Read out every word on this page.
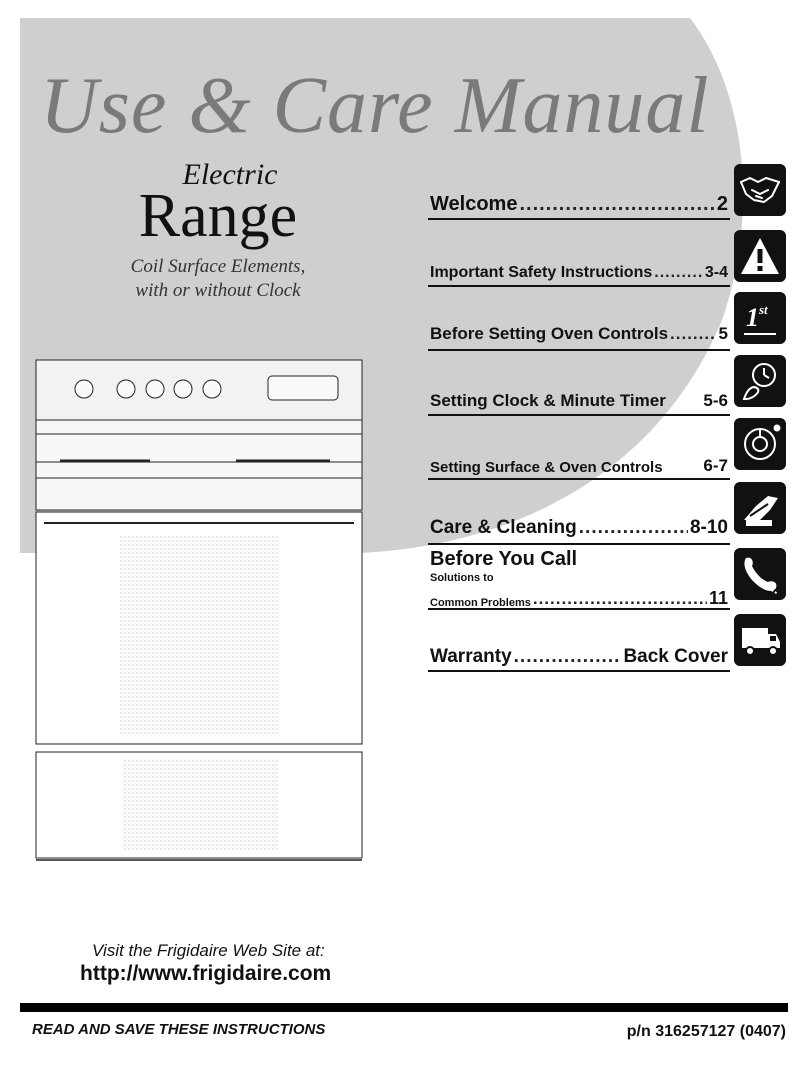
Use & Care Manual
Electric
Range
Coil Surface Elements,
with or without Clock
Welcome .....	2
Important Safety Instructions .....	3-4
Before Setting Oven Controls .....	5
Setting Clock & Minute Timer 5-6
Setting Surface & Oven Controls 6-7
Care & Cleaning .....	8-10
Before You Call
Solutions to
Common Problems .....	11
Warranty .....	Back Cover
1 st
Visit the Frigidaire Web Site at:
http://www.frigidaire.com
READ AND SAVE THESE INSTRUCTIONS	p/n 316257127 (0407)
